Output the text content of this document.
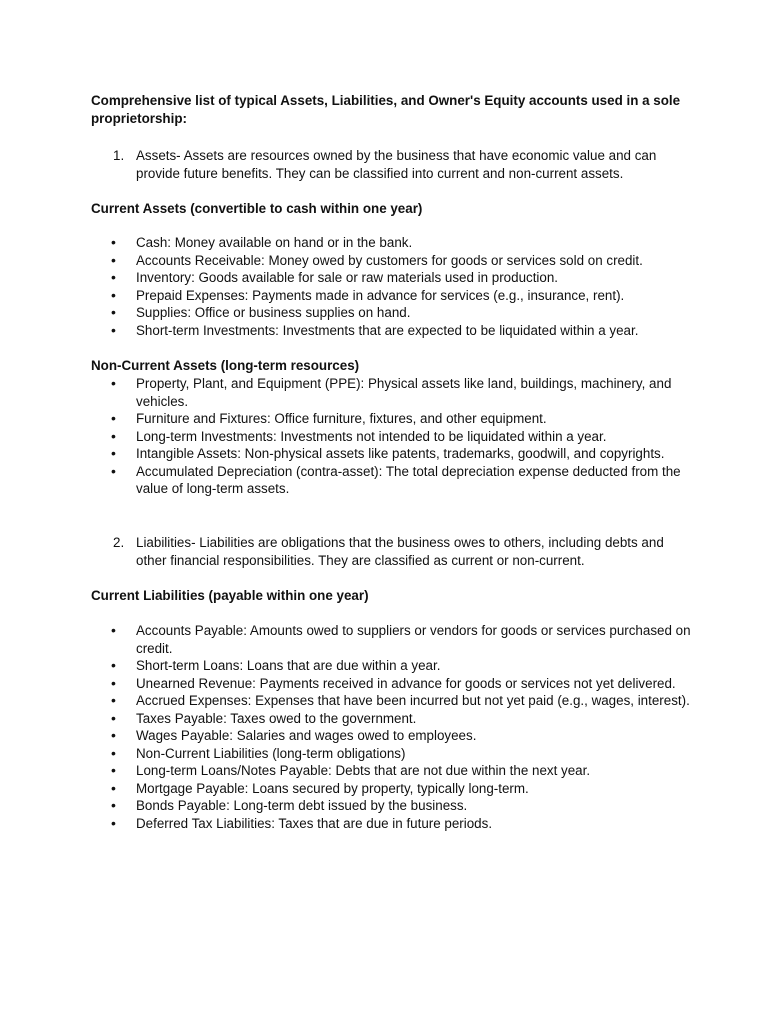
Comprehensive list of typical Assets, Liabilities, and Owner's Equity accounts used in a sole proprietorship:
1. Assets- Assets are resources owned by the business that have economic value and can provide future benefits. They can be classified into current and non-current assets.
Current Assets (convertible to cash within one year)
• Cash: Money available on hand or in the bank.
• Accounts Receivable: Money owed by customers for goods or services sold on credit.
• Inventory: Goods available for sale or raw materials used in production.
• Prepaid Expenses: Payments made in advance for services (e.g., insurance, rent).
• Supplies: Office or business supplies on hand.
• Short-term Investments: Investments that are expected to be liquidated within a year.
Non-Current Assets (long-term resources)
• Property, Plant, and Equipment (PPE): Physical assets like land, buildings, machinery, and vehicles.
• Furniture and Fixtures: Office furniture, fixtures, and other equipment.
• Long-term Investments: Investments not intended to be liquidated within a year.
• Intangible Assets: Non-physical assets like patents, trademarks, goodwill, and copyrights.
• Accumulated Depreciation (contra-asset): The total depreciation expense deducted from the value of long-term assets.
2. Liabilities- Liabilities are obligations that the business owes to others, including debts and other financial responsibilities. They are classified as current or non-current.
Current Liabilities (payable within one year)
• Accounts Payable: Amounts owed to suppliers or vendors for goods or services purchased on credit.
• Short-term Loans: Loans that are due within a year.
• Unearned Revenue: Payments received in advance for goods or services not yet delivered.
• Accrued Expenses: Expenses that have been incurred but not yet paid (e.g., wages, interest).
• Taxes Payable: Taxes owed to the government.
• Wages Payable: Salaries and wages owed to employees.
• Non-Current Liabilities (long-term obligations)
• Long-term Loans/Notes Payable: Debts that are not due within the next year.
• Mortgage Payable: Loans secured by property, typically long-term.
• Bonds Payable: Long-term debt issued by the business.
• Deferred Tax Liabilities: Taxes that are due in future periods.
